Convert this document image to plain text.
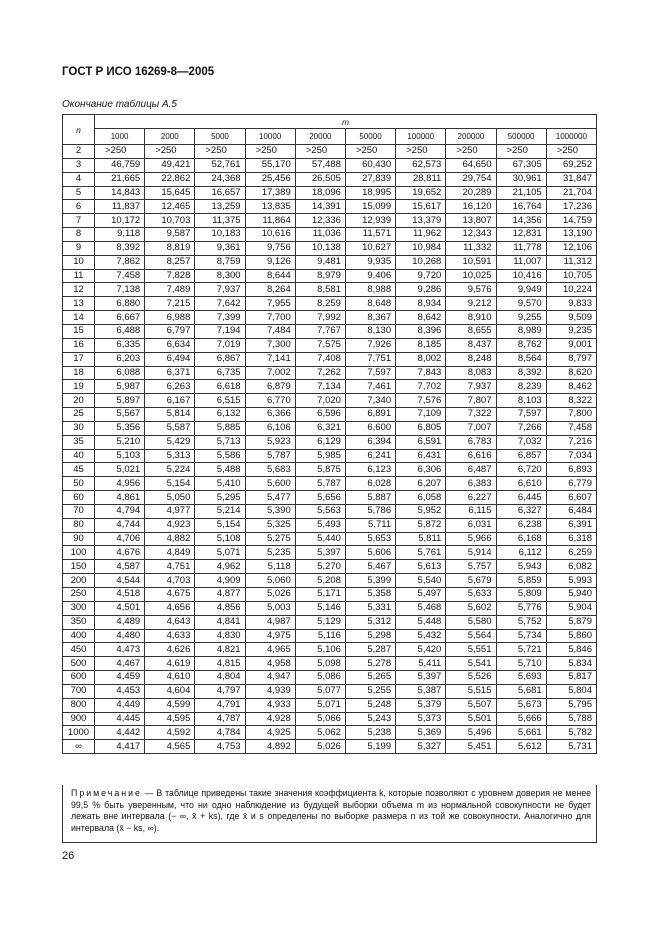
ГОСТ Р ИСО 16269-8—2005
Окончание таблицы А.5
n	m									
	1000	2000	5000	10000	20000	50000	100000	200000	500000	1000000
2	>250	>250	>250	>250	>250	>250	>250	>250	>250	>250
3	46,759	49,421	52,761	55,170	57,488	60,430	62,573	64,650	67,305	69,252
4	21,665	22,862	24,368	25,456	26,505	27,839	28,811	29,754	30,961	31,847
5	14,843	15,645	16,657	17,389	18,096	18,995	19,652	20,289	21,105	21,704
6	11,837	12,465	13,259	13,835	14,391	15,099	15,617	16,120	16,764	17,236
7	10,172	10,703	11,375	11,864	12,336	12,939	13,379	13,807	14,356	14,759
8	9,118	9,587	10,183	10,616	11,036	11,571	11,962	12,343	12,831	13,190
9	8,392	8,819	9,361	9,756	10,138	10,627	10,984	11,332	11,778	12,106
10	7,862	8,257	8,759	9,126	9,481	9,935	10,268	10,591	11,007	11,312
11	7,458	7,828	8,300	8,644	8,979	9,406	9,720	10,025	10,416	10,705
12	7,138	7,489	7,937	8,264	8,581	8,988	9,286	9,576	9,949	10,224
13	6,880	7,215	7,642	7,955	8,259	8,648	8,934	9,212	9,570	9,833
14	6,667	6,988	7,399	7,700	7,992	8,367	8,642	8,910	9,255	9,509
15	6,488	6,797	7,194	7,484	7,767	8,130	8,396	8,655	8,989	9,235
16	6,335	6,634	7,019	7,300	7,575	7,926	8,185	8,437	8,762	9,001
17	6,203	6,494	6,867	7,141	7,408	7,751	8,002	8,248	8,564	8,797
18	6,088	6,371	6,735	7,002	7,262	7,597	7,843	8,083	8,392	8,620
19	5,987	6,263	6,618	6,879	7,134	7,461	7,702	7,937	8,239	8,462
20	5,897	6,167	6,515	6,770	7,020	7,340	7,576	7,807	8,103	8,322
25	5,567	5,814	6,132	6,366	6,596	6,891	7,109	7,322	7,597	7,800
30	5,356	5,587	5,885	6,106	6,321	6,600	6,805	7,007	7,266	7,458
35	5,210	5,429	5,713	5,923	6,129	6,394	6,591	6,783	7,032	7,216
40	5,103	5,313	5,586	5,787	5,985	6,241	6,431	6,616	6,857	7,034
45	5,021	5,224	5,488	5,683	5,875	6,123	6,306	6,487	6,720	6,893
50	4,956	5,154	5,410	5,600	5,787	6,028	6,207	6,383	6,610	6,779
60	4,861	5,050	5,295	5,477	5,656	5,887	6,058	6,227	6,445	6,607
70	4,794	4,977	5,214	5,390	5,563	5,786	5,952	6,115	6,327	6,484
80	4,744	4,923	5,154	5,325	5,493	5,711	5,872	6,031	6,238	6,391
90	4,706	4,882	5,108	5,275	5,440	5,653	5,811	5,966	6,168	6,318
100	4,676	4,849	5,071	5,235	5,397	5,606	5,761	5,914	6,112	6,259
150	4,587	4,751	4,962	5,118	5,270	5,467	5,613	5,757	5,943	6,082
200	4,544	4,703	4,909	5,060	5,208	5,399	5,540	5,679	5,859	5,993
250	4,518	4,675	4,877	5,026	5,171	5,358	5,497	5,633	5,809	5,940
300	4,501	4,656	4,856	5,003	5,146	5,331	5,468	5,602	5,776	5,904
350	4,489	4,643	4,841	4,987	5,129	5,312	5,448	5,580	5,752	5,879
400	4,480	4,633	4,830	4,975	5,116	5,298	5,432	5,564	5,734	5,860
450	4,473	4,626	4,821	4,965	5,106	5,287	5,420	5,551	5,721	5,846
500	4,467	4,619	4,815	4,958	5,098	5,278	5,411	5,541	5,710	5,834
600	4,459	4,610	4,804	4,947	5,086	5,265	5,397	5,526	5,693	5,817
700	4,453	4,604	4,797	4,939	5,077	5,255	5,387	5,515	5,681	5,804
800	4,449	4,599	4,791	4,933	5,071	5,248	5,379	5,507	5,673	5,795
900	4,445	4,595	4,787	4,928	5,066	5,243	5,373	5,501	5,666	5,788
1000	4,442	4,592	4,784	4,925	5,062	5,238	5,369	5,496	5,661	5,782
∞	4,417	4,565	4,753	4,892	5,026	5,199	5,327	5,451	5,612	5,731
Примечание — В таблице приведены такие значения коэффициента k, которые позволяют с уровнем доверия не менее 99,5 % быть уверенным, что ни одно наблюдение из будущей выборки объема m из нормальной совокупности не будет лежать вне интервала (− ∞, x̄ + ks), где x̄ и s определены по выборке размера n из той же совокупности. Аналогично для интервала (x̄ − ks, ∞).
26
